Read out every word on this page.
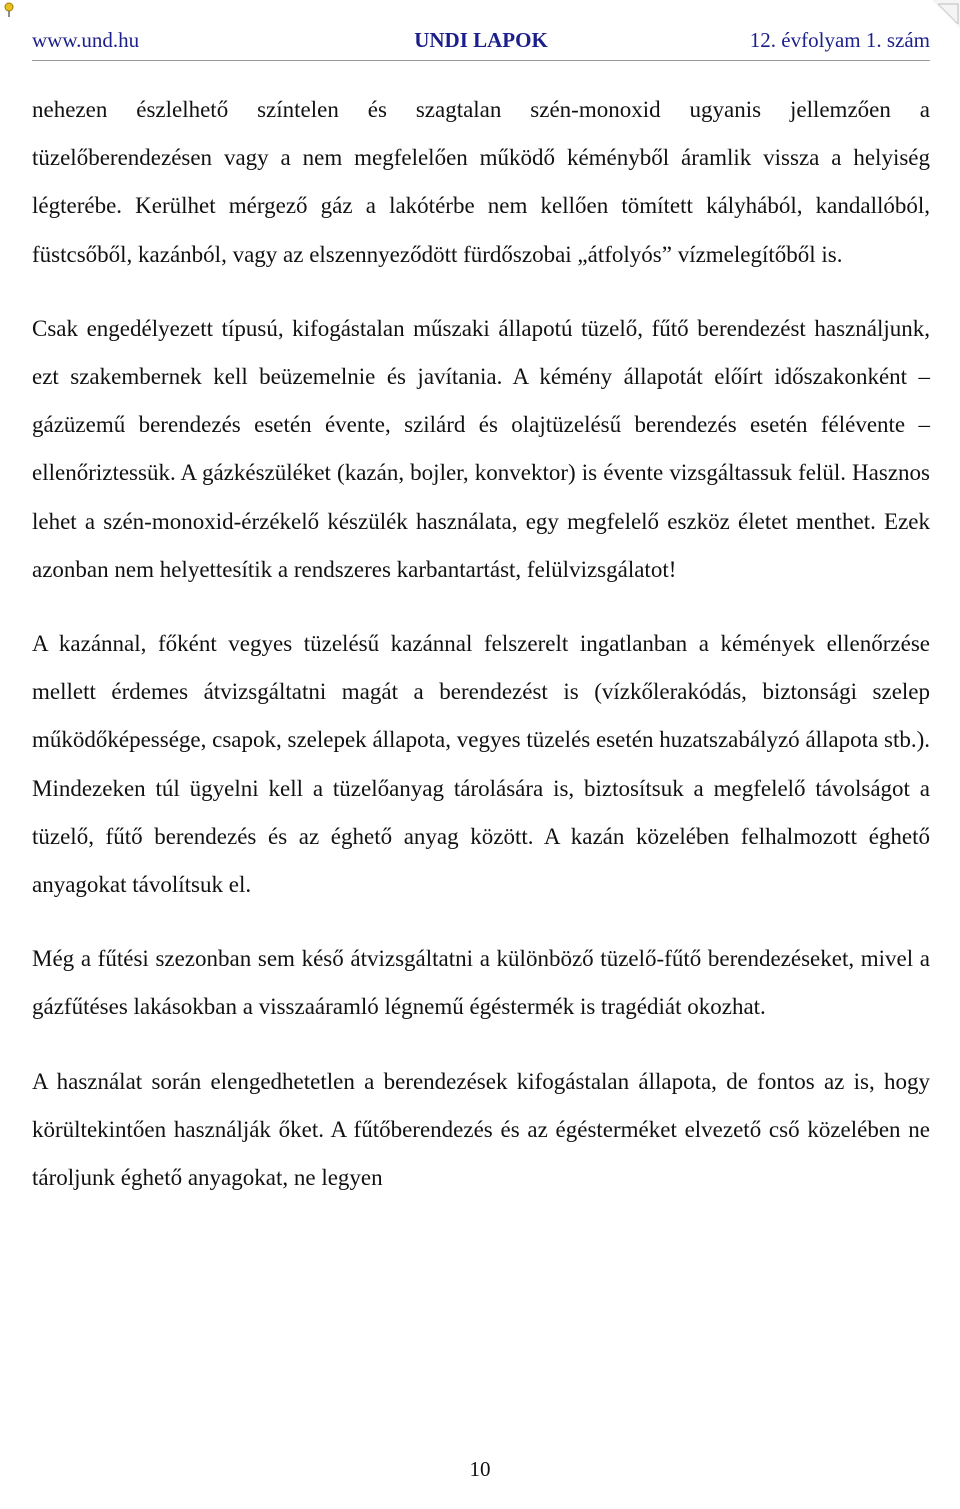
www.und.hu	UNDI LAPOK	12. évfolyam 1. szám

nehezen észlelhető színtelen és szagtalan szén-monoxid ugyanis jellemzően a tüzelőberendezésen vagy a nem megfelelően működő kéményből áramlik vissza a helyiség légterébe. Kerülhet mérgező gáz a lakótérbe nem kellően tömített kályhából, kandallóból, füstcsőből, kazánból, vagy az elszennyeződött fürdőszobai „átfolyós” vízmelegítőből is.

Csak engedélyezett típusú, kifogástalan műszaki állapotú tüzelő, fűtő berendezést használjunk, ezt szakembernek kell beüzemelnie és javítania. A kémény állapotát előírt időszakonként – gázüzemű berendezés esetén évente, szilárd és olajtüzelésű berendezés esetén félévente – ellenőriztessük. A gázkészüléket (kazán, bojler, konvektor) is évente vizsgáltassuk felül. Hasznos lehet a szén-monoxid-érzékelő készülék használata, egy megfelelő eszköz életet menthet. Ezek azonban nem helyettesítik a rendszeres karbantartást, felülvizsgálatot!

A kazánnal, főként vegyes tüzelésű kazánnal felszerelt ingatlanban a kémények ellenőrzése mellett érdemes átvizsgáltatni magát a berendezést is (vízkőlerakódás, biztonsági szelep működőképessége, csapok, szelepek állapota, vegyes tüzelés esetén huzatszabályzó állapota stb.). Mindezeken túl ügyelni kell a tüzelőanyag tárolására is, biztosítsuk a megfelelő távolságot a tüzelő, fűtő berendezés és az éghető anyag között. A kazán közelében felhalmozott éghető anyagokat távolítsuk el.

Még a fűtési szezonban sem késő átvizsgáltatni a különböző tüzelő-fűtő berendezéseket, mivel a gázfűtéses lakásokban a visszaáramló légnemű égéstermék is tragédiát okozhat.

A használat során elengedhetetlen a berendezések kifogástalan állapota, de fontos az is, hogy körültekintően használják őket. A fűtőberendezés és az égésterméket elvezető cső közelében ne tároljunk éghető anyagokat, ne legyen

10
